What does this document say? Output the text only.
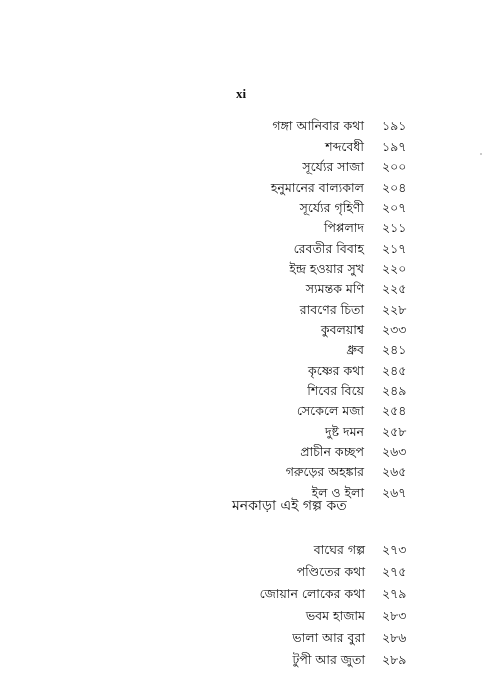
xi
গঙ্গা আনিবার কথা ১৯১
শব্দবেধী ১৯৭
সূর্য্যের সাজা ২০০
হনুমানের বাল্যকাল ২০৪
সূর্য্যের গৃহিণী ২০৭
পিপ্পলাদ ২১১
রেবতীর বিবাহ ২১৭
ইন্দ্র হওয়ার সুখ ২২০
স্যমন্তক মণি ২২৫
রাবণের চিতা ২২৮
কুবলয়াশ্ব ২৩৩
ধ্রুব ২৪১
কৃষ্ণের কথা ২৪৫
শিবের বিয়ে ২৪৯
সেকেলে মজা ২৫৪
দুষ্ট দমন ২৫৮
প্রাচীন কচ্ছপ ২৬৩
গরুড়ের অহঙ্কার ২৬৫
ইল ও ইলা ২৬৭
মনকাড়া এই গল্প কত
বাঘের গল্প ২৭৩
পণ্ডিতের কথা ২৭৫
জোয়ান লোকের কথা ২৭৯
ভবম হাজাম ২৮৩
ভালা আর বুরা ২৮৬
টুপী আর জুতা ২৮৯
